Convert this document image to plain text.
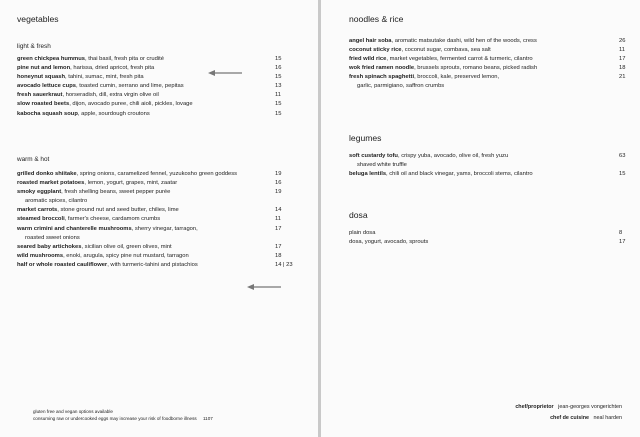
vegetables
light & fresh
green chickpea hummus, thai basil, fresh pita or crudité	15
pine nut and lemon, harissa, dried apricot, fresh pita	16
honeynut squash, tahini, sumac, mint, fresh pita	15
avocado lettuce cups, toasted cumin, serrano and lime, pepitas	13
fresh sauerkraut, horseradish, dill, extra virgin olive oil	11
slow roasted beets, dijon, avocado puree, chili aioli, pickles, lovage	15
kabocha squash soup, apple, sourdough croutons	15
warm & hot
grilled donko shiitake, spring onions, caramelized fennel, yuzukosho green goddess	19
roasted market potatoes, lemon, yogurt, grapes, mint, zaatar	16
smoky eggplant, fresh shelling beans, sweet pepper purée	19
aromatic spices, cilantro
market carrots, stone ground nut and seed butter, chilies, lime	14
steamed broccoli, farmer's cheese, cardamom crumbs	11
warm crimini and chanterelle mushrooms, sherry vinegar, tarragon,	17
roasted sweet onions
seared baby artichokes, sicilian olive oil, green olives, mint	17
wild mushrooms, enoki, arugula, spicy pine nut mustard, tarragon	18
half or whole roasted cauliflower, with turmeric-tahini and pistachios	14 | 23
gluten free and vegan options available
consuming raw or undercooked eggs may increase your risk of foodborne illness 1107
noodles & rice
angel hair soba, aromatic matsutake dashi, wild hen of the woods, cress	26
coconut sticky rice, coconut sugar, combava, sea salt	11
fried wild rice, market vegetables, fermented carrot & turmeric, cilantro	17
wok fried ramen noodle, brussels sprouts, romano beans, picked radish	18
fresh spinach spaghetti, broccoli, kale, preserved lemon,	21
garlic, parmigiano, saffron crumbs
legumes
soft custardy tofu, crispy yuba, avocado, olive oil, fresh yuzu	63
shaved white truffle
beluga lentils, chili oil and black vinegar, yams, broccoli stems, cilantro	15
dosa
plain dosa	8
dosa, yogurt, avocado, sprouts	17
chef/proprietor jean-georges vongerichten
chef de cuisine neal harden
